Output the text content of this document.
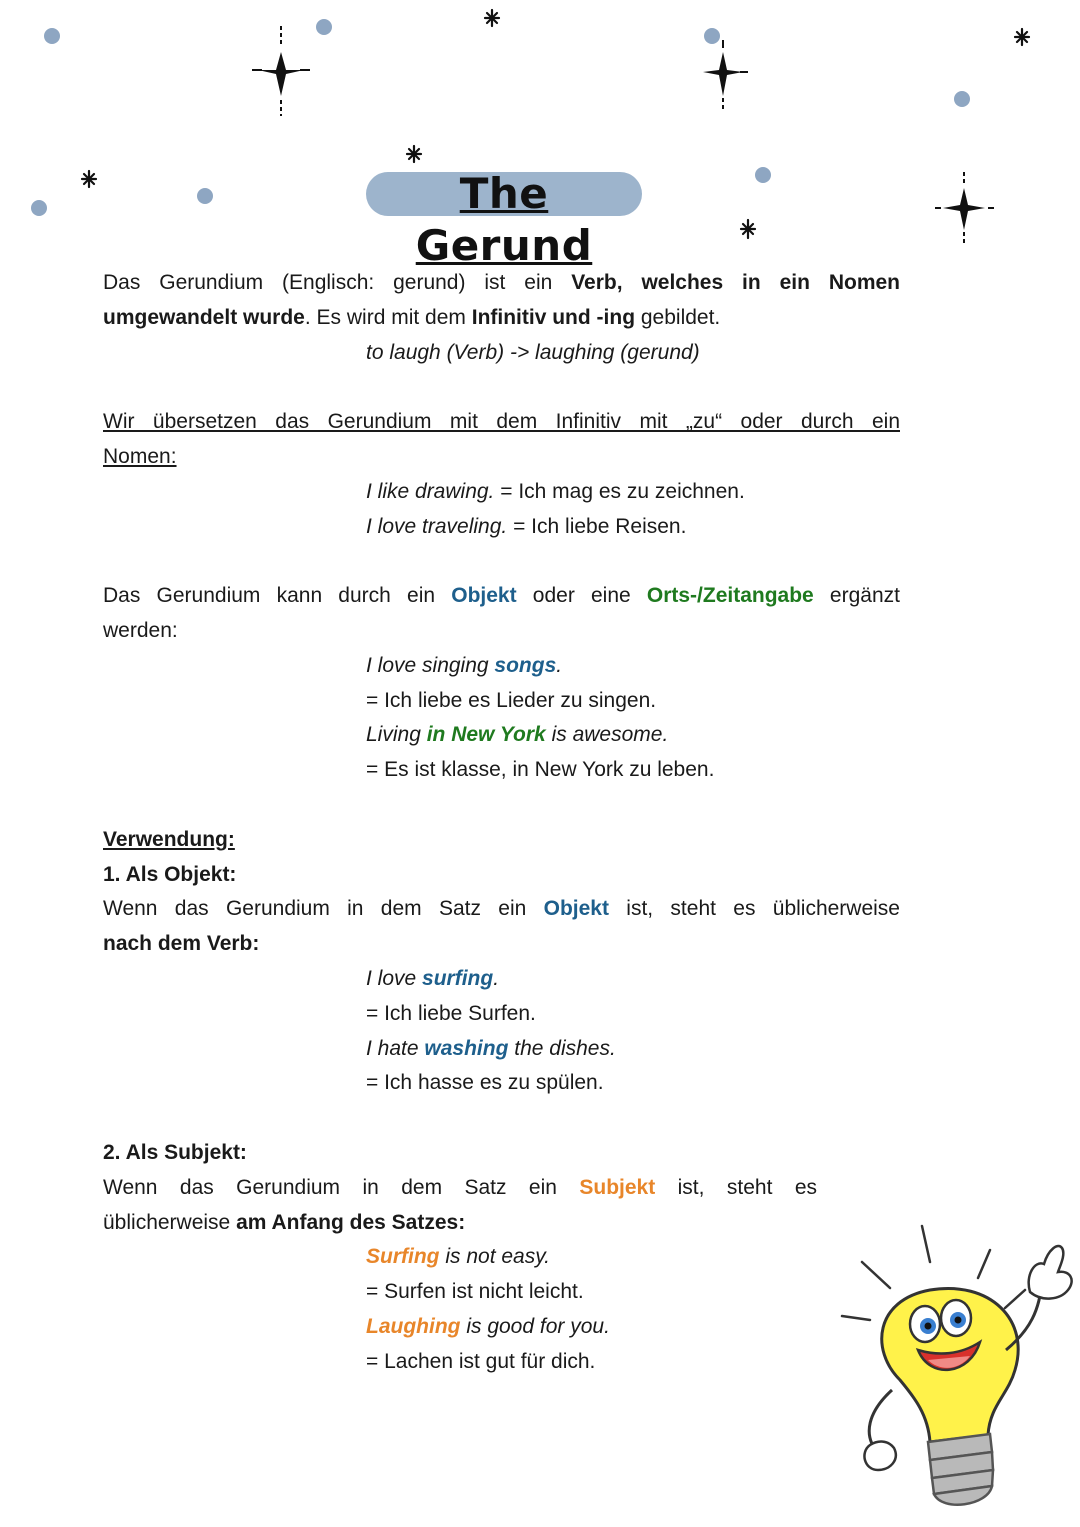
The Gerund

Das Gerundium (Englisch: gerund) ist ein Verb, welches in ein Nomen

umgewandelt wurde. Es wird mit dem Infinitiv und -ing gebildet.

to laugh (Verb) -> laughing (gerund)

Wir übersetzen das Gerundium mit dem Infinitiv mit „zu“ oder durch ein

Nomen:

I like drawing. = Ich mag es zu zeichnen.

I love traveling. = Ich liebe Reisen.

Das Gerundium kann durch ein Objekt oder eine Orts-/Zeitangabe ergänzt

werden:

I love singing songs.

= Ich liebe es Lieder zu singen.

Living in New York is awesome.

= Es ist klasse, in New York zu leben.

Verwendung:

1. Als Objekt:

Wenn das Gerundium in dem Satz ein Objekt ist, steht es üblicherweise

nach dem Verb:

I love surfing.

= Ich liebe Surfen.

I hate washing the dishes.

= Ich hasse es zu spülen.

2. Als Subjekt:

Wenn das Gerundium in dem Satz ein Subjekt ist, steht es

üblicherweise am Anfang des Satzes:

Surfing is not easy.

= Surfen ist nicht leicht.

Laughing is good for you.

= Lachen ist gut für dich.
